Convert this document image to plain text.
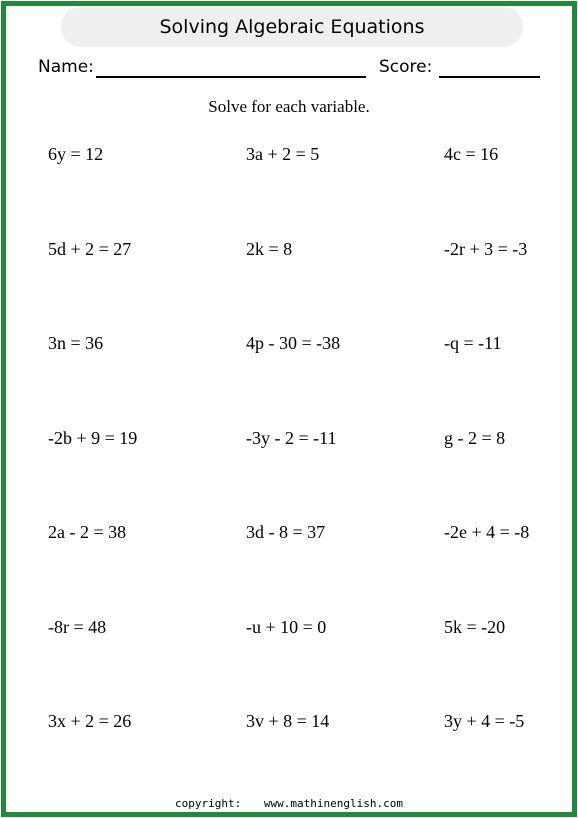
Solving Algebraic Equations
Name:	Score:
Solve for each variable.
6y = 12	3a + 2 = 5	4c = 16
5d + 2 = 27	2k = 8	-2r + 3 = -3
3n = 36	4p - 30 = -38	-q = -11
-2b + 9 = 19	-3y - 2 = -11	g - 2 = 8
2a - 2 = 38	3d - 8 = 37	-2e + 4 = -8
-8r = 48	-u + 10 = 0	5k = -20
3x + 2 = 26	3v + 8 = 14	3y + 4 = -5
copyright: www.mathinenglish.com
